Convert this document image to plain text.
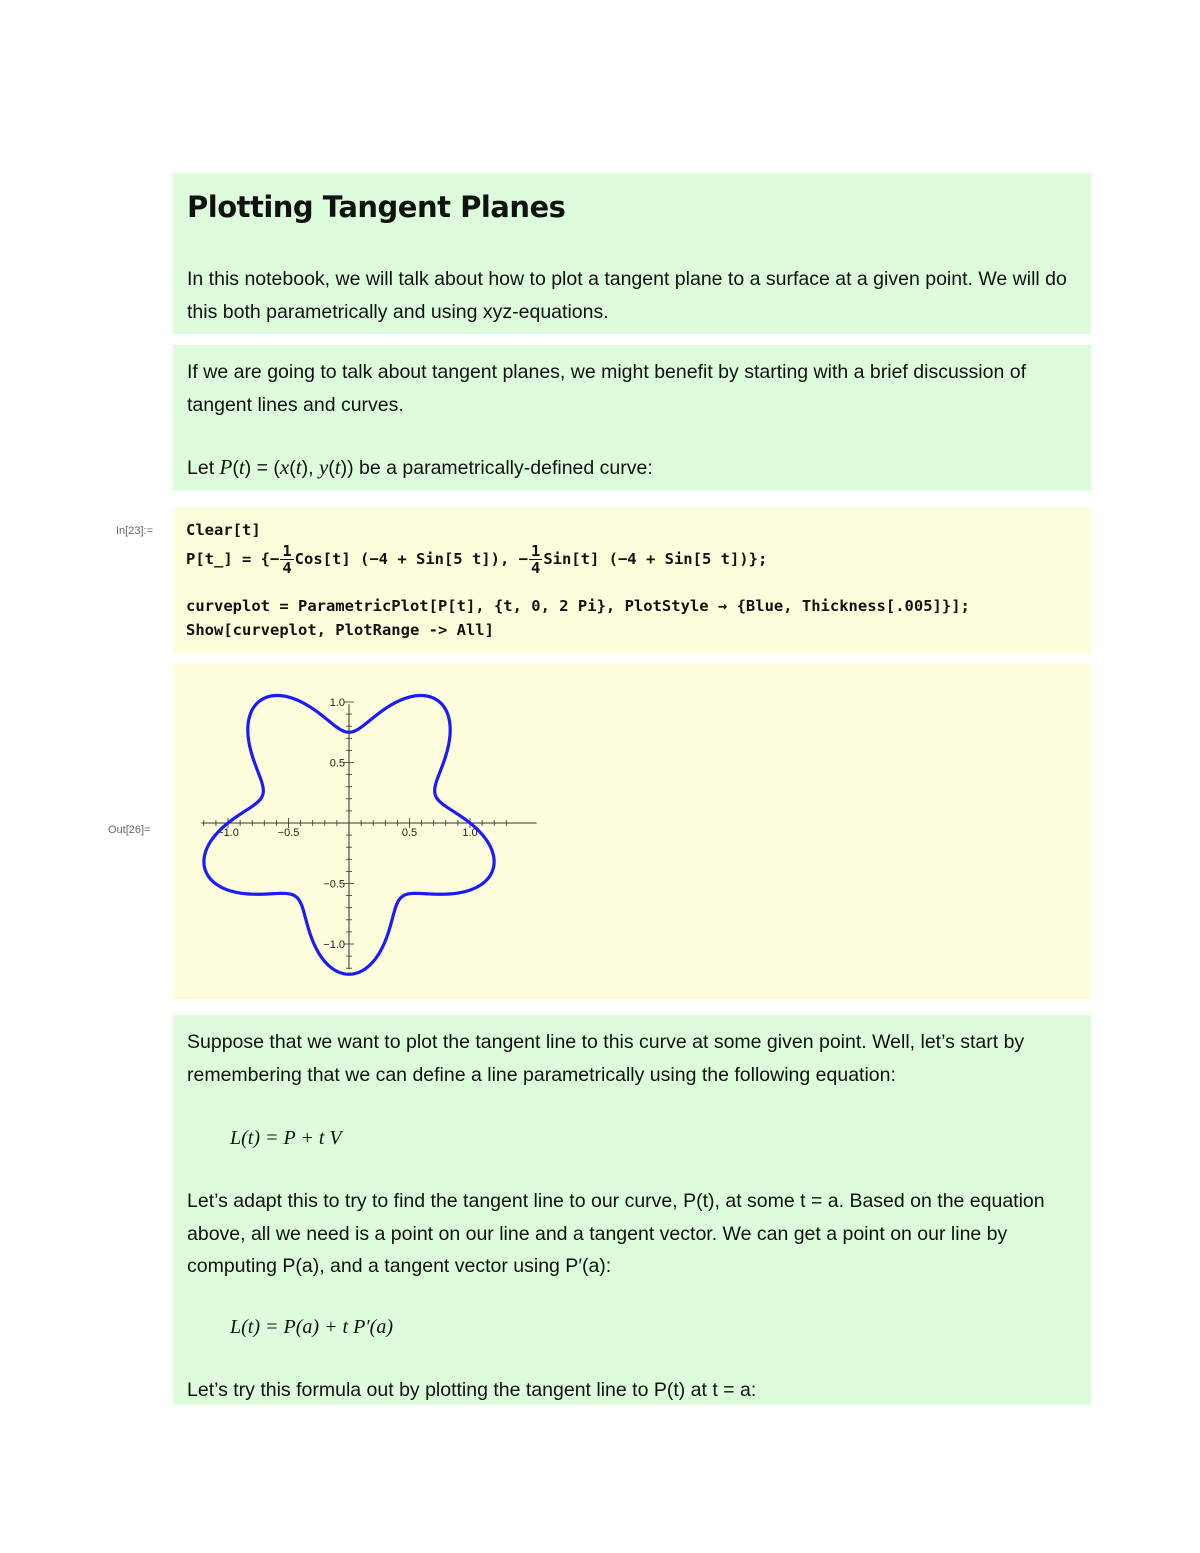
Plotting Tangent Planes

In this notebook, we will talk about how to plot a tangent plane to a surface at a given point. We will do this both parametrically and using xyz-equations.

If we are going to talk about tangent planes, we might benefit by starting with a brief discussion of tangent lines and curves.

Let P(t) = (x(t), y(t)) be a parametrically-defined curve:

In[23]:= Clear[t]
P[t_] = {− $\frac{1}{4} Cos[t] (-4 + Sin[5$ t]), − $\frac{1}{4} Sin[t] (-4 + Sin[5$ t])};
curveplot = ParametricPlot[P[t], {t, 0, 2 Pi}, PlotStyle → {Blue, Thickness[.005]}];
Show[curveplot, PlotRange -> All]
Out[26]=	−1.0	−0.5	0.5	1.0
1.0
0.5
−0.5
−1.0

Suppose that we want to plot the tangent line to this curve at some given point. Well, let’s start by remembering that we can define a line parametrically using the following equation:

L(t) = P + t V

Let’s adapt this to try to find the tangent line to our curve, P(t), at some t = a. Based on the equation above, all we need is a point on our line and a tangent vector. We can get a point on our line by computing P(a), and a tangent vector using P′(a):

L(t) = P(a) + t P′(a)

Let’s try this formula out by plotting the tangent line to P(t) at t = a:
